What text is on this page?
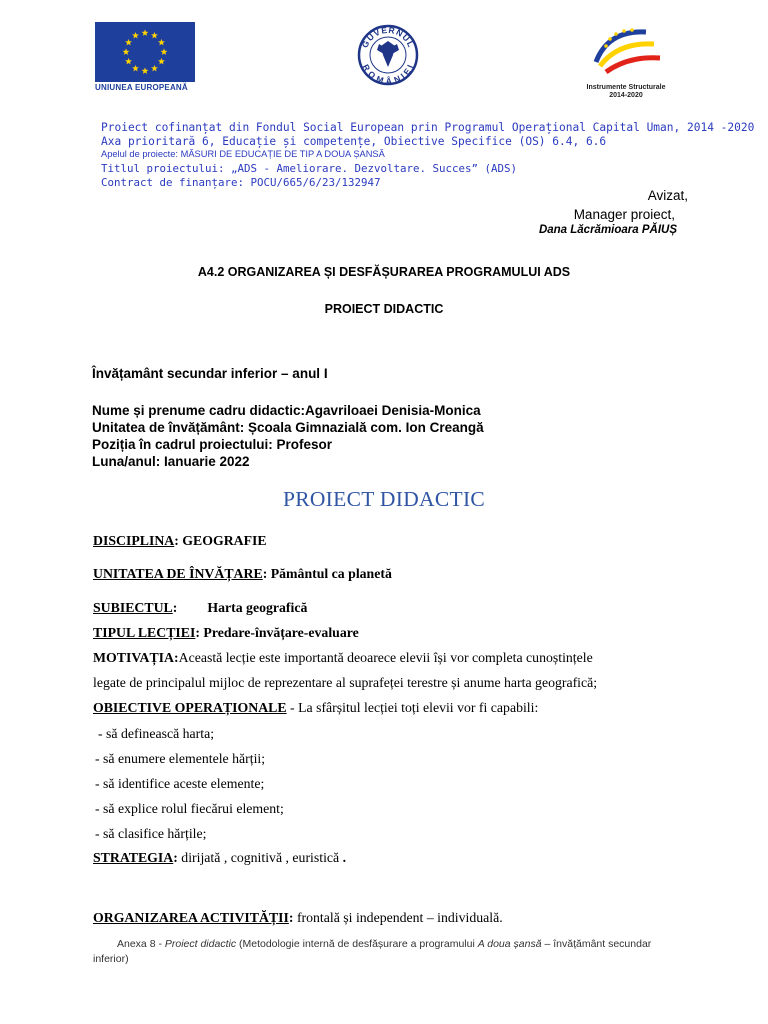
UNIUNEA EUROPEANĂ
GUVERNUL
ROMÂNIEI
Instrumente Structurale
2014-2020
Proiect cofinanțat din Fondul Social European prin Programul Operațional Capital Uman, 2014 -2020
Axa prioritară 6, Educație și competențe, Obiective Specifice (OS) 6.4, 6.6
Apelul de proiecte: MĂSURI DE EDUCAȚIE DE TIP A DOUA ȘANSĂ
Titlul proiectului: „ADS - Ameliorare. Dezvoltare. Succes” (ADS)
Contract de finanțare: POCU/665/6/23/132947
Avizat,
Manager proiect,
Dana Lăcrămioara PĂIUȘ
A4.2 ORGANIZAREA ȘI DESFĂȘURAREA PROGRAMULUI ADS
PROIECT DIDACTIC
Învățamânt secundar inferior – anul I
Nume și prenume cadru didactic:Agavriloaei Denisia-Monica
Unitatea de învățământ: Școala Gimnazială com. Ion Creangă
Poziția în cadrul proiectului: Profesor
Luna/anul: Ianuarie 2022
PROIECT DIDACTIC
DISCIPLINA: GEOGRAFIE
UNITATEA DE ÎNVĂȚARE: Pământul ca planetă
SUBIECTUL: Harta geografică
TIPUL LECȚIEI: Predare-învățare-evaluare
MOTIVAȚIA:Această lecție este importantă deoarece elevii își vor completa cunoștințele
legate de principalul mijloc de reprezentare al suprafeței terestre și anume harta geografică;
OBIECTIVE OPERAȚIONALE - La sfârșitul lecției toți elevii vor fi capabili:
- să definească harta;
- să enumere elementele hărții;
- să identifice aceste elemente;
- să explice rolul fiecărui element;
- să clasifice hărțile;
STRATEGIA: dirijată , cognitivă , euristică .
ORGANIZAREA ACTIVITĂȚII: frontală și independent – individuală.
Anexa 8 - Proiect didactic (Metodologie internă de desfășurare a programului A doua șansă – învățământ secundar inferior)
